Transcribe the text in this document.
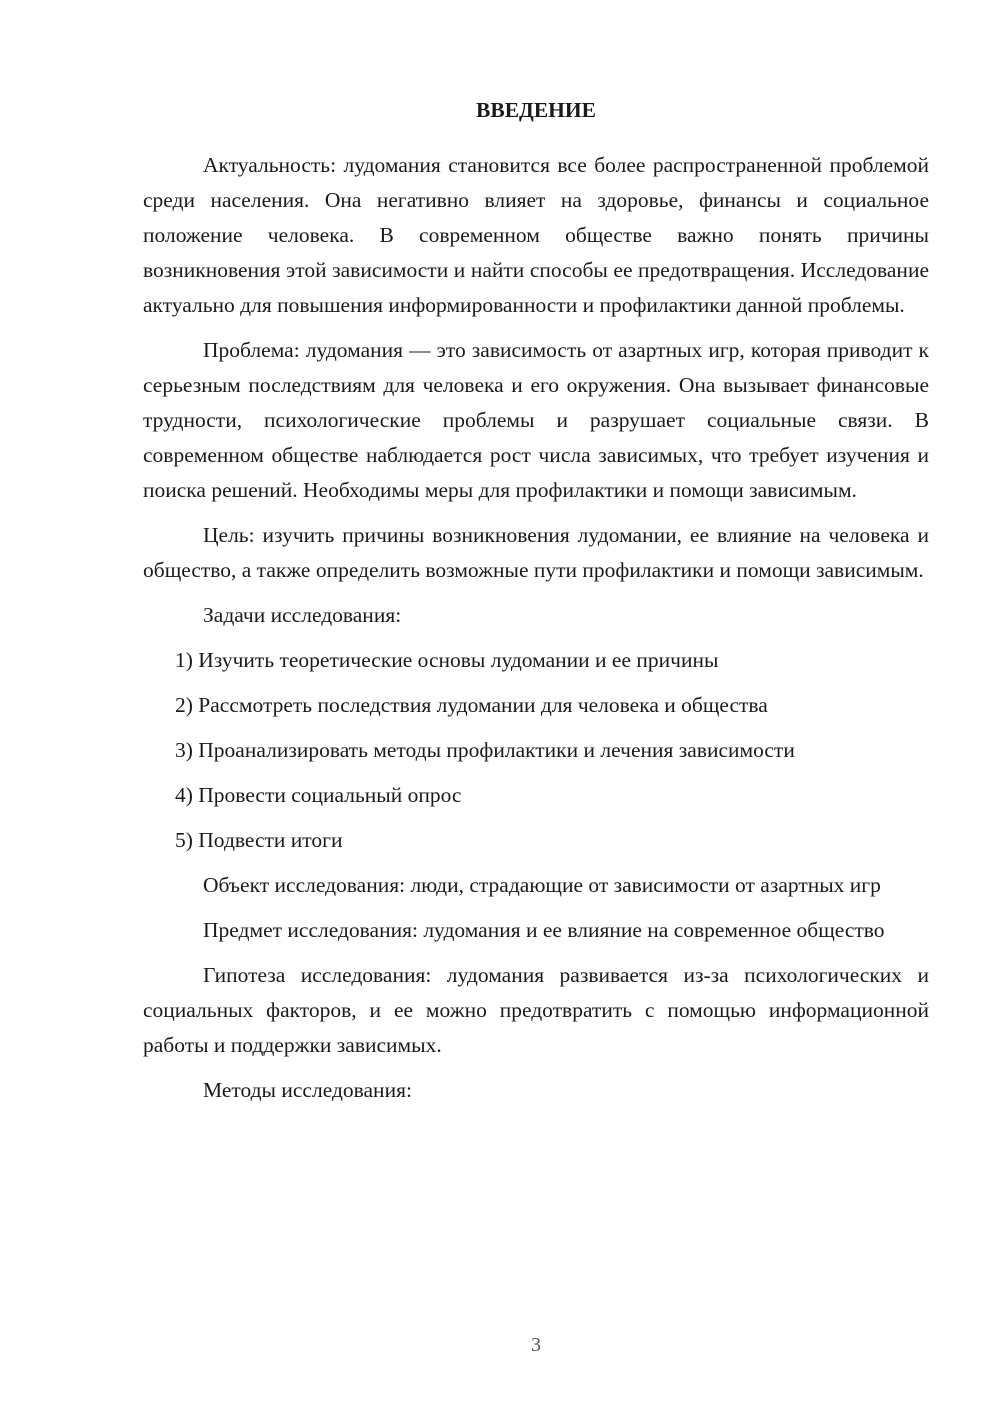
ВВЕДЕНИЕ

Актуальность: лудомания становится все более распространенной проблемой среди населения. Она негативно влияет на здоровье, финансы и социальное положение человека. В современном обществе важно понять причины возникновения этой зависимости и найти способы ее предотвращения. Исследование актуально для повышения информированности и профилактики данной проблемы.

Проблема: лудомания — это зависимость от азартных игр, которая приводит к серьезным последствиям для человека и его окружения. Она вызывает финансовые трудности, психологические проблемы и разрушает социальные связи. В современном обществе наблюдается рост числа зависимых, что требует изучения и поиска решений. Необходимы меры для профилактики и помощи зависимым.

Цель: изучить причины возникновения лудомании, ее влияние на человека и общество, а также определить возможные пути профилактики и помощи зависимым.

Задачи исследования:

1) Изучить теоретические основы лудомании и ее причины
2) Рассмотреть последствия лудомании для человека и общества
3) Проанализировать методы профилактики и лечения зависимости
4) Провести социальный опрос
5) Подвести итоги

Объект исследования: люди, страдающие от зависимости от азартных игр

Предмет исследования: лудомания и ее влияние на современное общество

Гипотеза исследования: лудомания развивается из-за психологических и социальных факторов, и ее можно предотвратить с помощью информационной работы и поддержки зависимых.

Методы исследования:

3
